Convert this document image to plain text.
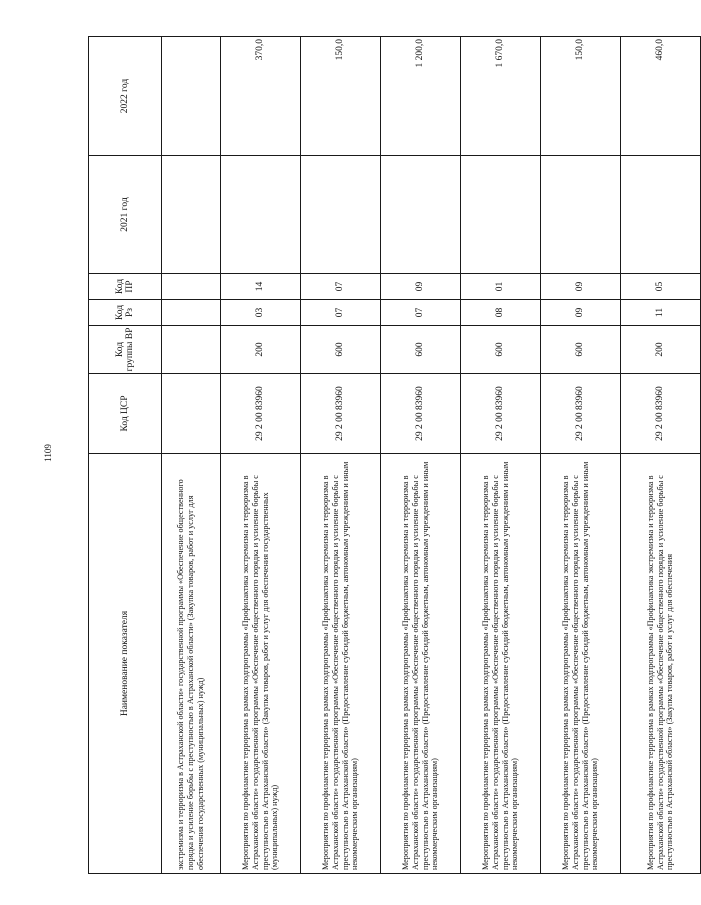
1109
Наименование показателя	Код ЦСР	Код группы ВР	Код Рз	Код ПР	2021 год	2022 год
экстремизма и терроризма в Астраханской области» государственной программы «Обеспечение общественного порядка и усиление борьбы с преступностью в Астраханской области» (Закупка товаров, работ и услуг для обеспечения государственных (муниципальных) нужд)						
Мероприятия по профилактике терроризма в рамках подпрограммы «Профилактика экстремизма и терроризма в Астраханской области» государственной программы «Обеспечение общественного порядка и усиление борьбы с преступностью в Астраханской области» (Закупка товаров, работ и услуг для обеспечения государственных (муниципальных) нужд)	29 2 00 83960	200	03	14		370,0
Мероприятия по профилактике терроризма в рамках подпрограммы «Профилактика экстремизма и терроризма в Астраханской области» государственной программы «Обеспечение общественного порядка и усиление борьбы с преступностью в Астраханской области» (Предоставление субсидий бюджетным, автономным учреждениям и иным некоммерческим организациям)	29 2 00 83960	600	07	07		150,0
Мероприятия по профилактике терроризма в рамках подпрограммы «Профилактика экстремизма и терроризма в Астраханской области» государственной программы «Обеспечение общественного порядка и усиление борьбы с преступностью в Астраханской области» (Предоставление субсидий бюджетным, автономным учреждениям и иным некоммерческим организациям)	29 2 00 83960	600	07	09		1 200,0
Мероприятия по профилактике терроризма в рамках подпрограммы «Профилактика экстремизма и терроризма в Астраханской области» государственной программы «Обеспечение общественного порядка и усиление борьбы с преступностью в Астраханской области» (Предоставление субсидий бюджетным, автономным учреждениям и иным некоммерческим организациям)	29 2 00 83960	600	08	01		1 670,0
Мероприятия по профилактике терроризма в рамках подпрограммы «Профилактика экстремизма и терроризма в Астраханской области» государственной программы «Обеспечение общественного порядка и усиление борьбы с преступностью в Астраханской области» (Предоставление субсидий бюджетным, автономным учреждениям и иным некоммерческим организациям)	29 2 00 83960	600	09	09		150,0
Мероприятия по профилактике терроризма в рамках подпрограммы «Профилактика экстремизма и терроризма в Астраханской области» государственной программы «Обеспечение общественного порядка и усиление борьбы с преступностью в Астраханской области» (Закупка товаров, работ и услуг для обеспечения	29 2 00 83960	200	11	05		460,0
